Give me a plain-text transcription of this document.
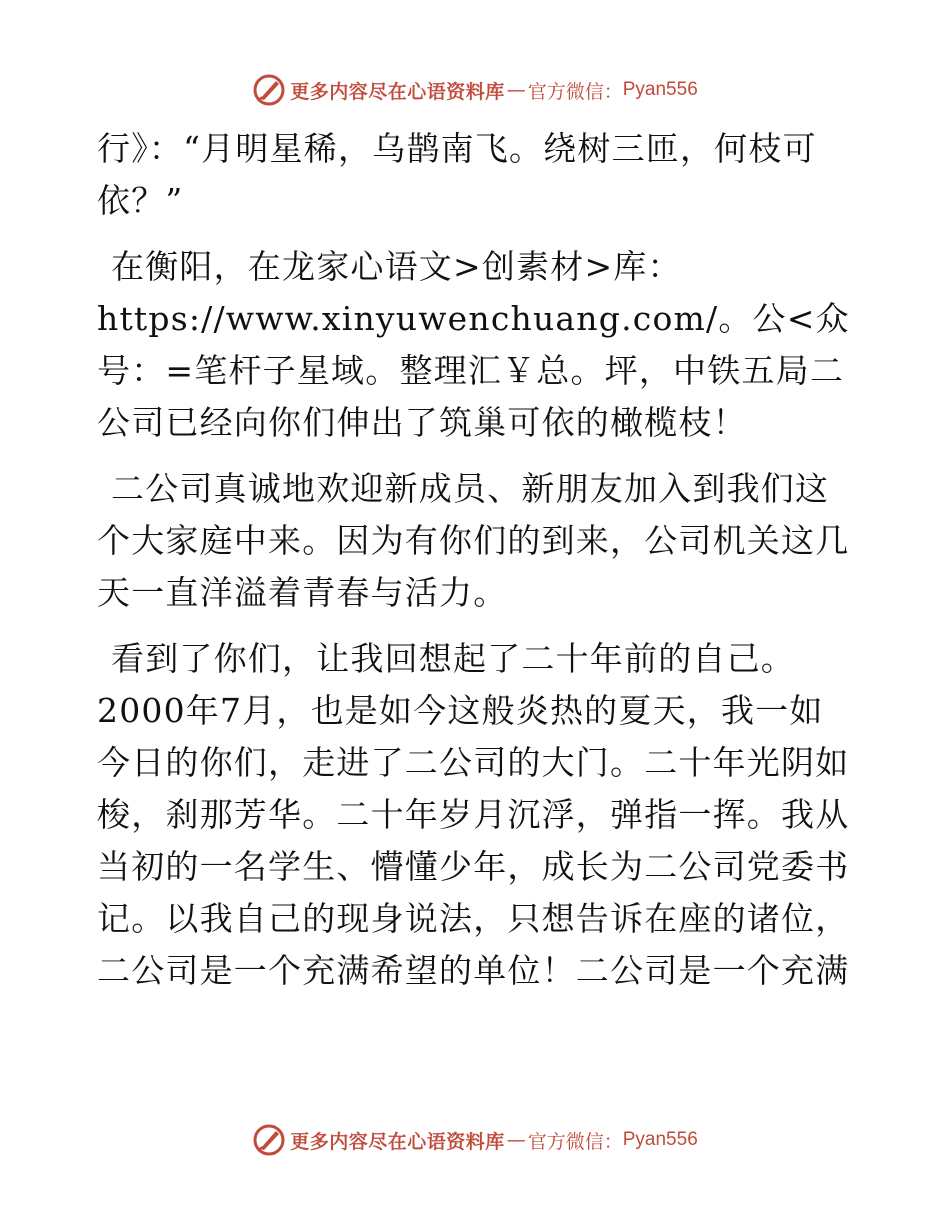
更多内容尽在心语资料库 — 官方微信： Pyan556

行》：“月明星稀，乌鹊南飞。绕树三匝，何枝可依？”

在衡阳，在龙家心语文>创素材>库：https://www.xinyuwenchuang.com/。公<众号：=笔杆子星域。整理汇￥总。坪，中铁五局二公司已经向你们伸出了筑巢可依的橄榄枝！

二公司真诚地欢迎新成员、新朋友加入到我们这个大家庭中来。因为有你们的到来，公司机关这几天一直洋溢着青春与活力。

看到了你们，让我回想起了二十年前的自己。2000年7月，也是如今这般炎热的夏天，我一如今日的你们，走进了二公司的大门。二十年光阴如梭，刹那芳华。二十年岁月沉浮，弹指一挥。我从当初的一名学生、懵懂少年，成长为二公司党委书记。以我自己的现身说法，只想告诉在座的诸位，二公司是一个充满希望的单位！二公司是一个充满

更多内容尽在心语资料库 — 官方微信： Pyan556
